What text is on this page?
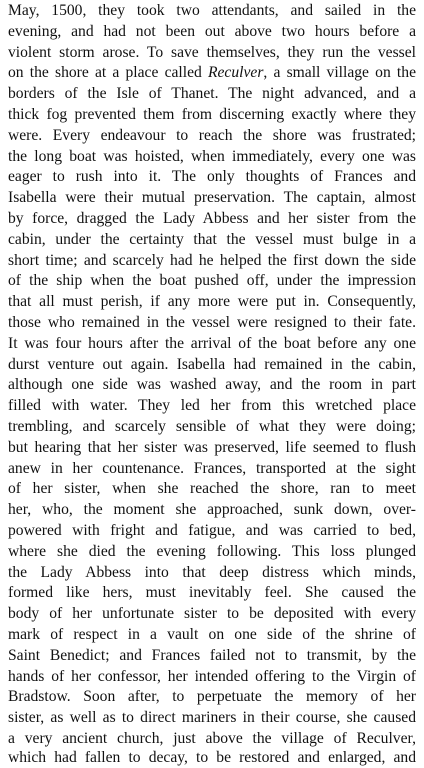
May, 1500, they took two attendants, and sailed in the
evening, and had not been out above two hours before a
violent storm arose. To save themselves, they run the vessel
on the shore at a place called Reculver, a small village on the
borders of the Isle of Thanet. The night advanced, and a
thick fog prevented them from discerning exactly where they
were. Every endeavour to reach the shore was frustrated;
the long boat was hoisted, when immediately, every one was
eager to rush into it. The only thoughts of Frances and
Isabella were their mutual preservation. The captain, almost
by force, dragged the Lady Abbess and her sister from the
cabin, under the certainty that the vessel must bulge in a
short time; and scarcely had he helped the first down the side
of the ship when the boat pushed off, under the impression
that all must perish, if any more were put in. Consequently,
those who remained in the vessel were resigned to their fate.
It was four hours after the arrival of the boat before any one
durst venture out again. Isabella had remained in the cabin,
although one side was washed away, and the room in part
filled with water. They led her from this wretched place
trembling, and scarcely sensible of what they were doing;
but hearing that her sister was preserved, life seemed to flush
anew in her countenance. Frances, transported at the sight
of her sister, when she reached the shore, ran to meet
her, who, the moment she approached, sunk down, over-
powered with fright and fatigue, and was carried to bed,
where she died the evening following. This loss plunged
the Lady Abbess into that deep distress which minds,
formed like hers, must inevitably feel. She caused the
body of her unfortunate sister to be deposited with every
mark of respect in a vault on one side of the shrine of
Saint Benedict; and Frances failed not to transmit, by the
hands of her confessor, her intended offering to the Virgin of
Bradstow. Soon after, to perpetuate the memory of her
sister, as well as to direct mariners in their course, she caused
a very ancient church, just above the village of Reculver,
which had fallen to decay, to be restored and enlarged, and
